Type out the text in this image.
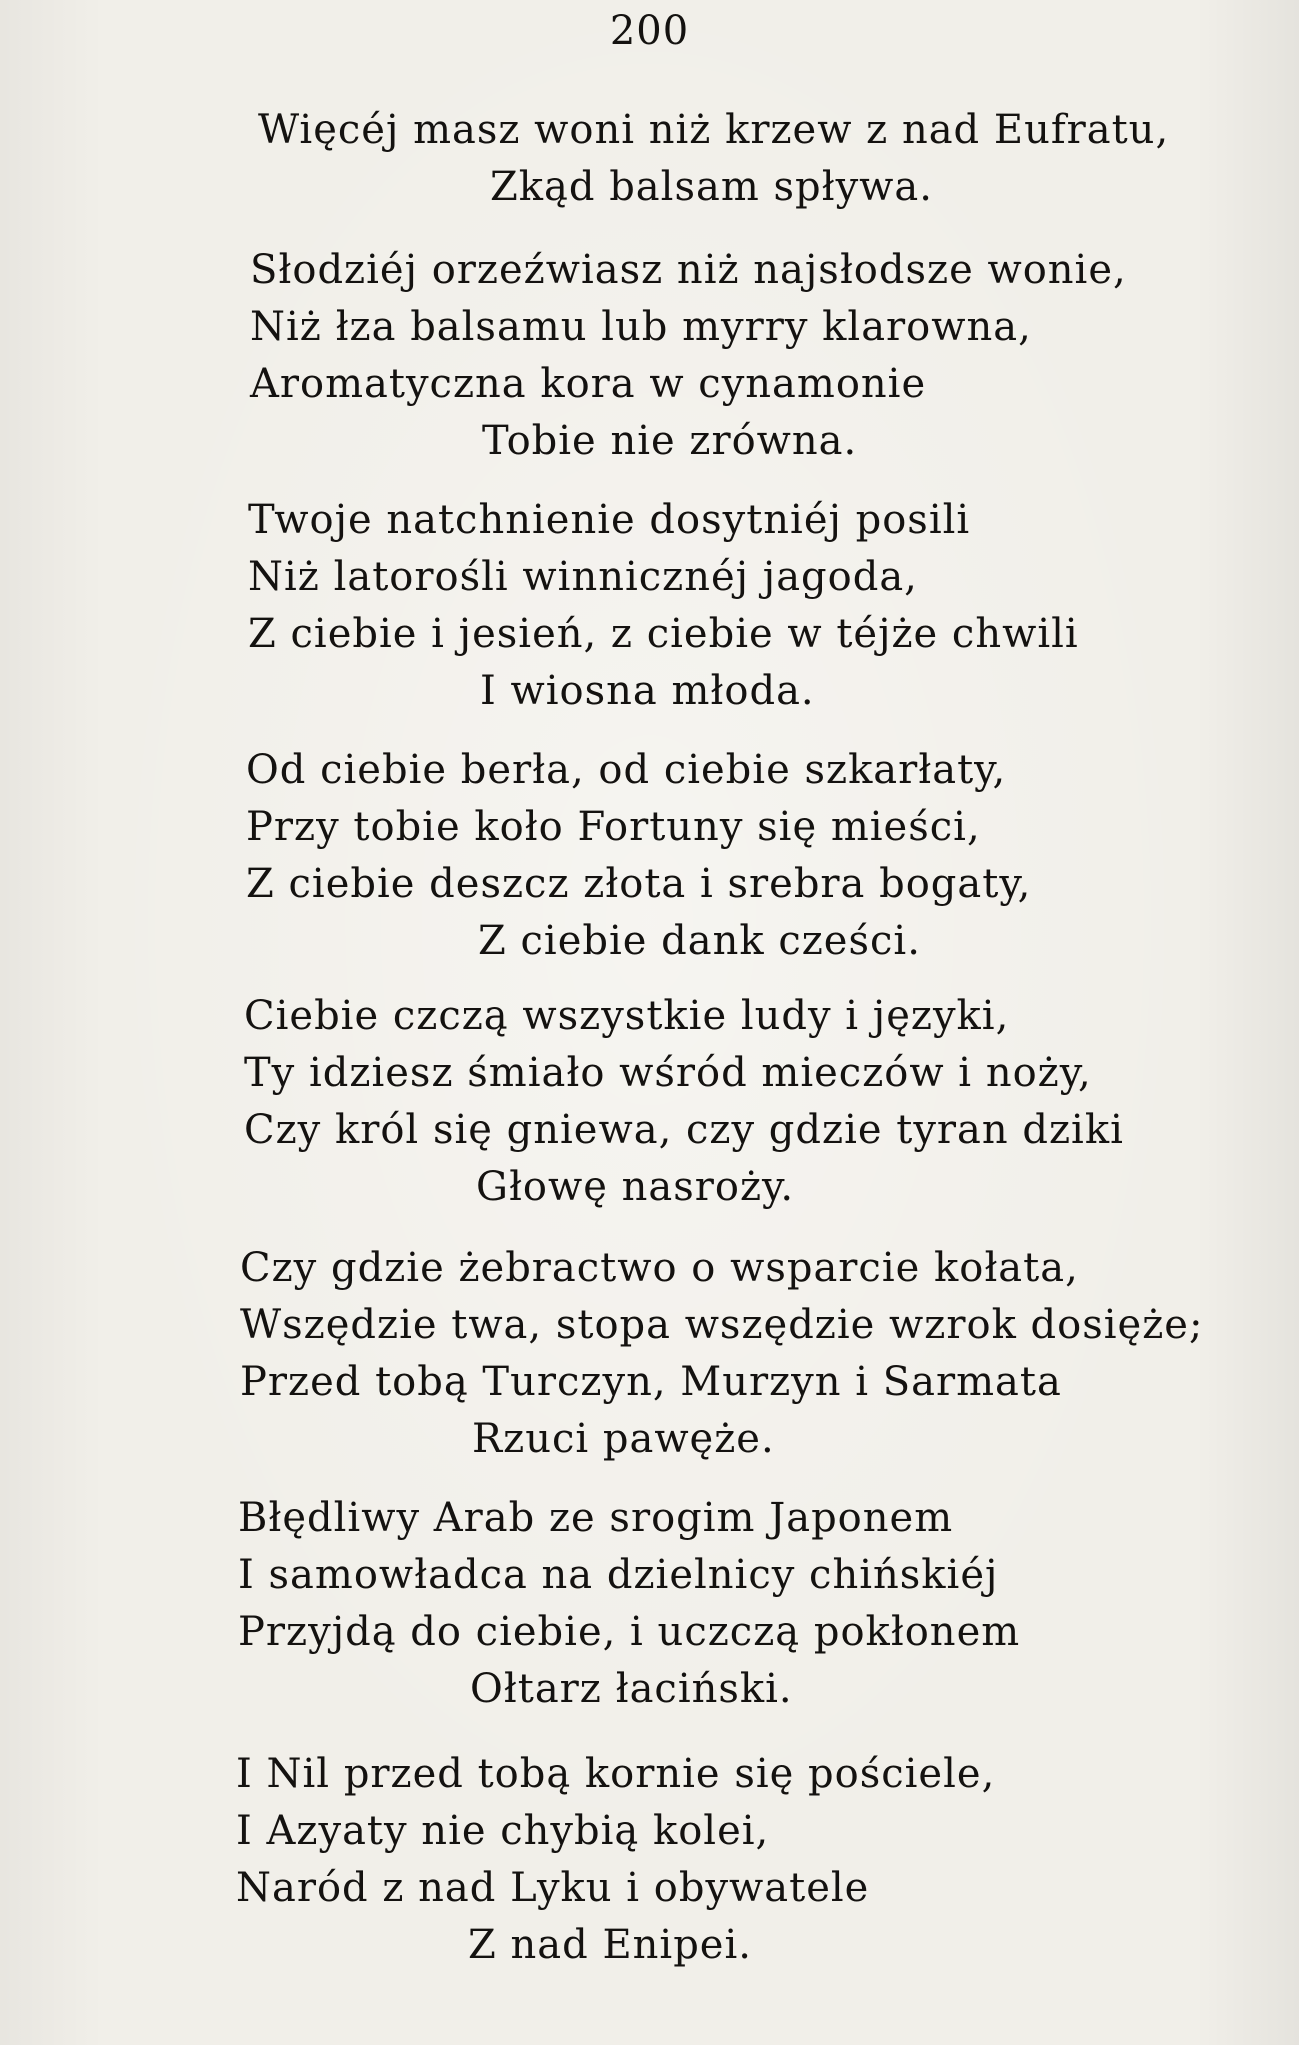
200
Więcéj masz woni niż krzew z nad Eufratu,
Zkąd balsam spływa.
Słodziéj orzeźwiasz niż najsłodsze wonie,
Niż łza balsamu lub myrry klarowna,
Aromatyczna kora w cynamonie
Tobie nie zrówna.
Twoje natchnienie dosytniéj posili
Niż latorośli winnicznéj jagoda,
Z ciebie i jesień, z ciebie w téjże chwili
I wiosna młoda.
Od ciebie berła, od ciebie szkarłaty,
Przy tobie koło Fortuny się mieści,
Z ciebie deszcz złota i srebra bogaty,
Z ciebie dank cześci.
Ciebie czczą wszystkie ludy i języki,
Ty idziesz śmiało wśród mieczów i noży,
Czy król się gniewa, czy gdzie tyran dziki
Głowę nasroży.
Czy gdzie żebractwo o wsparcie kołata,
Wszędzie twa, stopa wszędzie wzrok dosięże;
Przed tobą Turczyn, Murzyn i Sarmata
Rzuci pawęże.
Błędliwy Arab ze srogim Japonem
I samowładca na dzielnicy chińskiéj
Przyjdą do ciebie, i uczczą pokłonem
Ołtarz łaciński.
I Nil przed tobą kornie się pościele,
I Azyaty nie chybią kolei,
Naród z nad Lyku i obywatele
Z nad Enipei.
